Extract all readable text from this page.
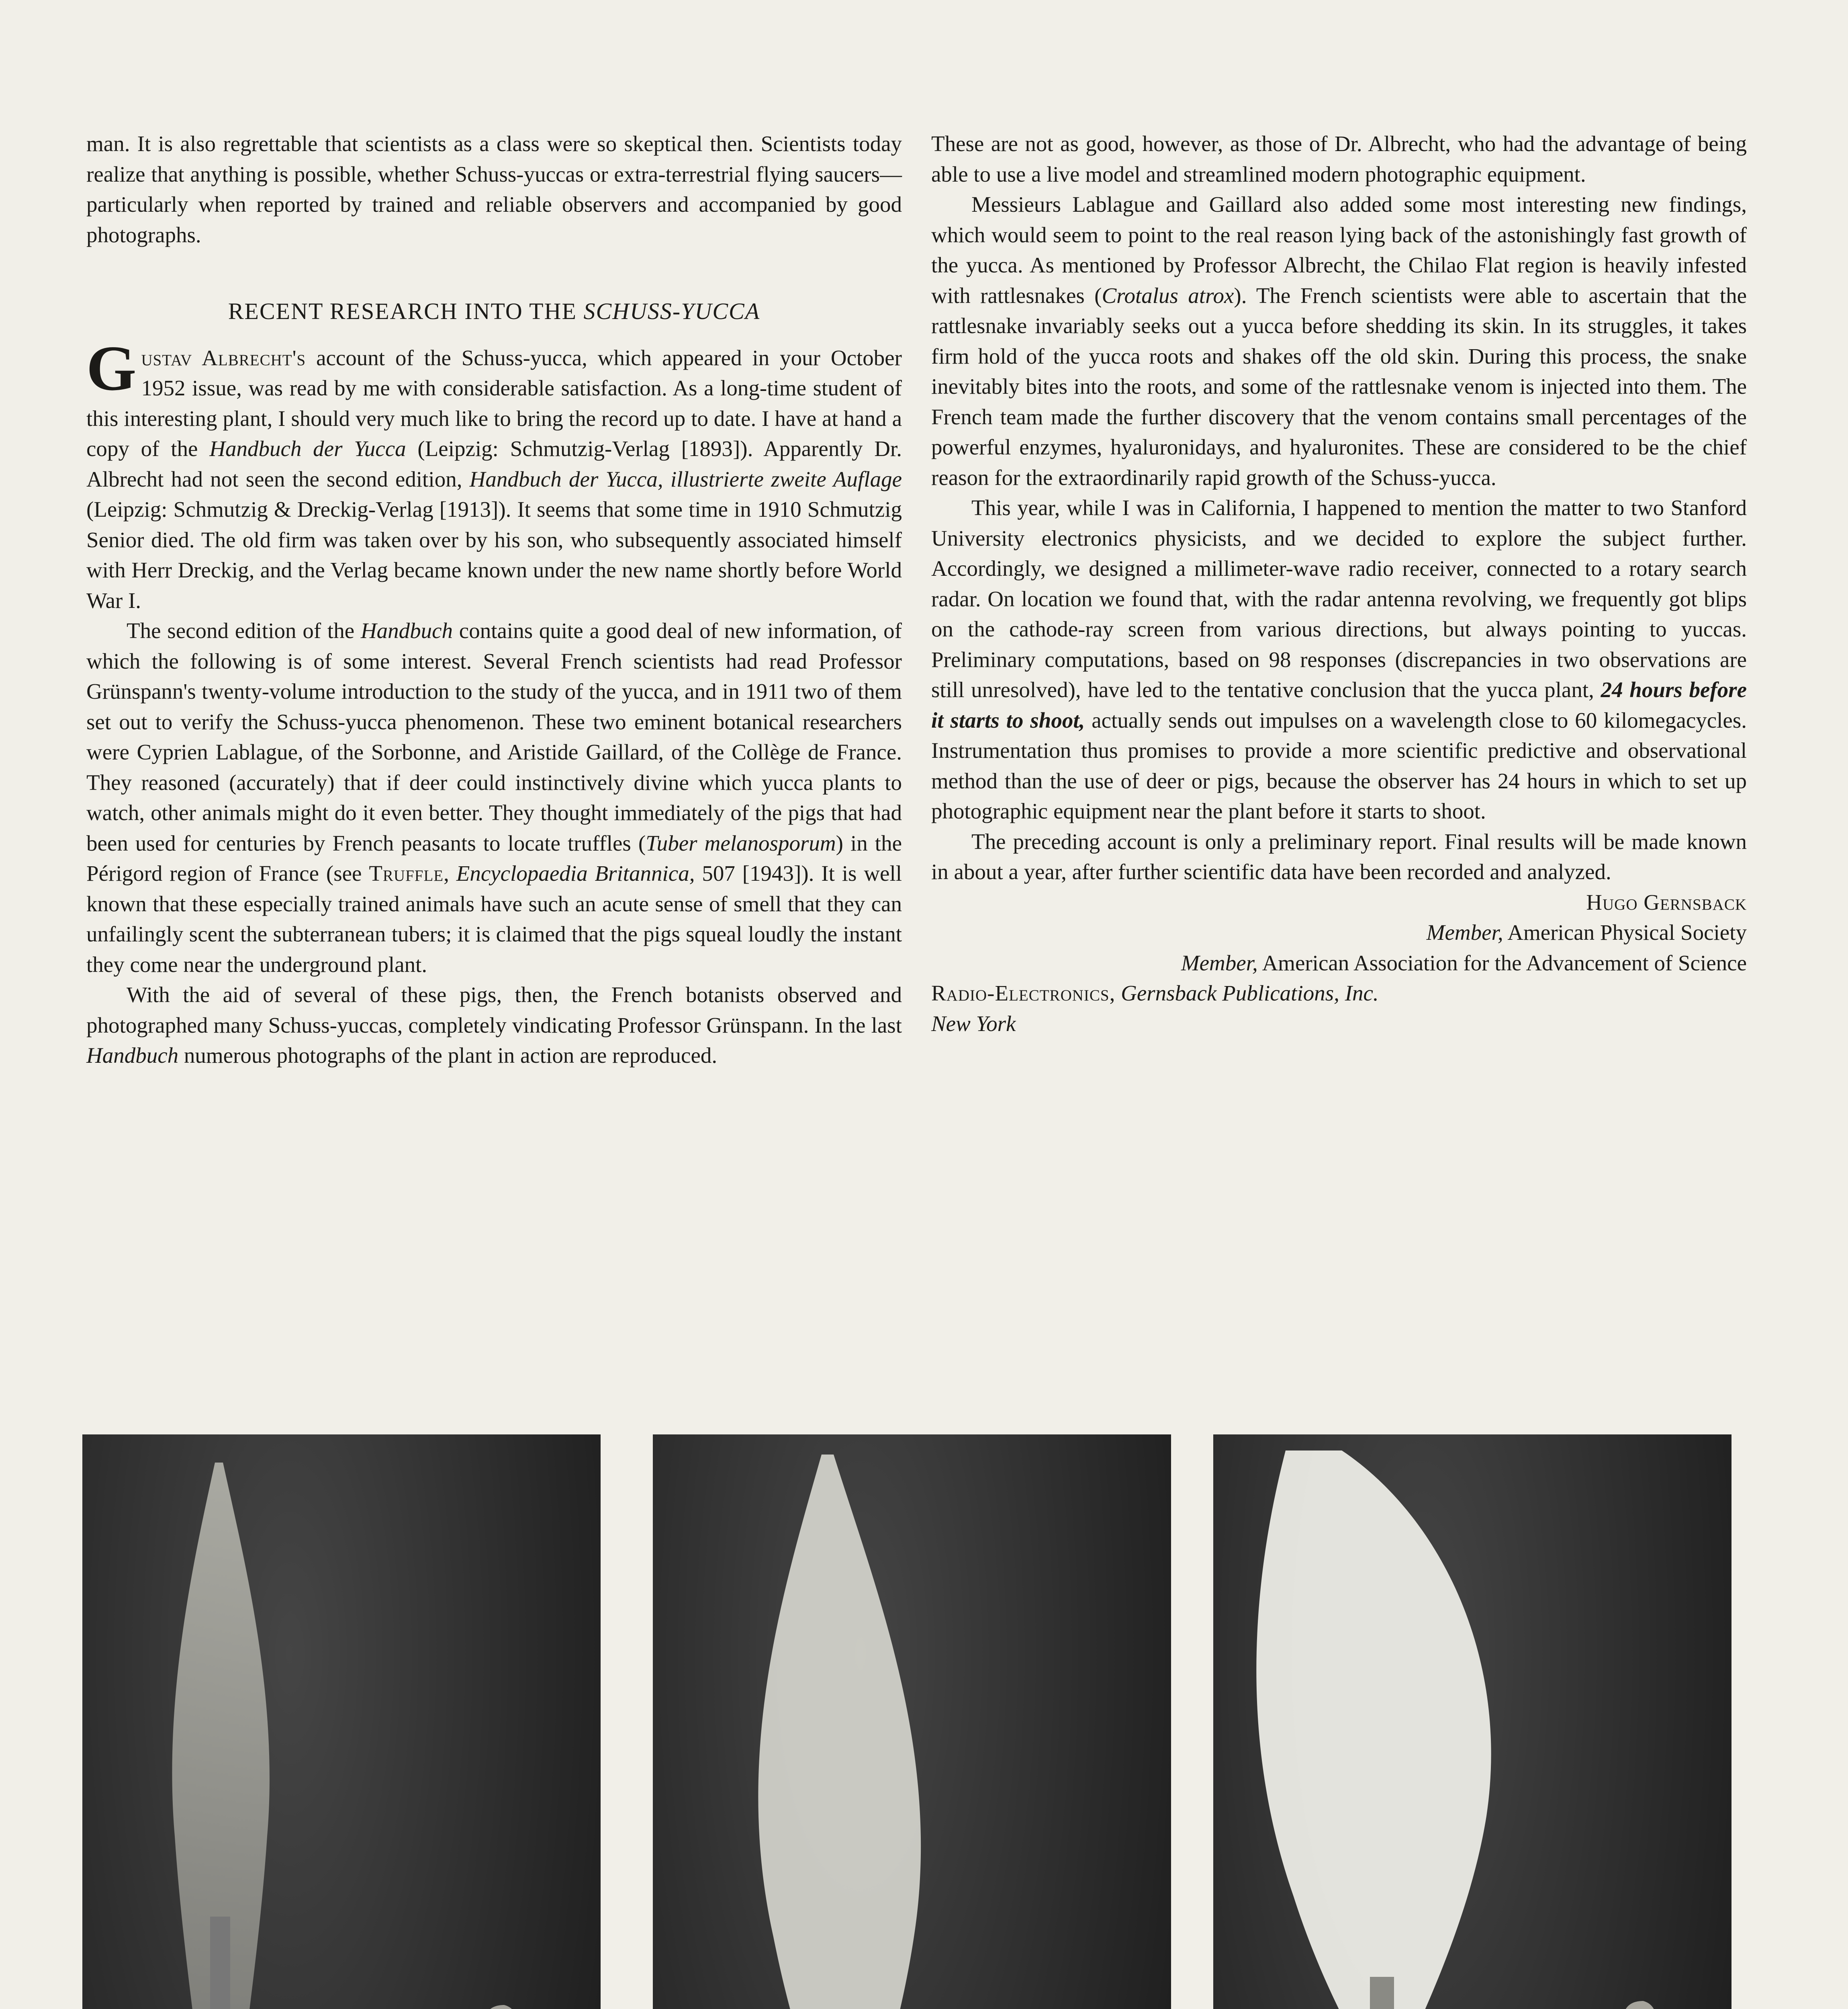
man. It is also regrettable that scientists as a class were so skeptical then. Scientists today realize that anything is possible, whether Schuss-yuccas or extra-terrestrial flying saucers—particularly when reported by trained and reliable observers and accompanied by good photographs.

RECENT RESEARCH INTO THE SCHUSS-YUCCA

Gustav Albrecht's account of the Schuss-yucca, which appeared in your October 1952 issue, was read by me with considerable satisfaction. As a long-time student of this interesting plant, I should very much like to bring the record up to date. I have at hand a copy of the Handbuch der Yucca (Leipzig: Schmutzig-Verlag [1893]). Apparently Dr. Albrecht had not seen the second edition, Handbuch der Yucca, illustrierte zweite Auflage (Leipzig: Schmutzig & Dreckig-Verlag [1913]). It seems that some time in 1910 Schmutzig Senior died. The old firm was taken over by his son, who subsequently associated himself with Herr Dreckig, and the Verlag became known under the new name shortly before World War I.

The second edition of the Handbuch contains quite a good deal of new information, of which the following is of some interest. Several French scientists had read Professor Grünspann's twenty-volume introduction to the study of the yucca, and in 1911 two of them set out to verify the Schuss-yucca phenomenon. These two eminent botanical researchers were Cyprien Lablague, of the Sorbonne, and Aristide Gaillard, of the Collège de France. They reasoned (accurately) that if deer could instinctively divine which yucca plants to watch, other animals might do it even better. They thought immediately of the pigs that had been used for centuries by French peasants to locate truffles (Tuber melanosporum) in the Périgord region of France (see Truffle, Encyclopaedia Britannica, 507 [1943]). It is well known that these especially trained animals have such an acute sense of smell that they can unfailingly scent the subterranean tubers; it is claimed that the pigs squeal loudly the instant they come near the underground plant.

With the aid of several of these pigs, then, the French botanists observed and photographed many Schuss-yuccas, completely vindicating Professor Grünspann. In the last Handbuch numerous photographs of the plant in action are reproduced.

These are not as good, however, as those of Dr. Albrecht, who had the advantage of being able to use a live model and streamlined modern photographic equipment.

Messieurs Lablague and Gaillard also added some most interesting new findings, which would seem to point to the real reason lying back of the astonishingly fast growth of the yucca. As mentioned by Professor Albrecht, the Chilao Flat region is heavily infested with rattlesnakes (Crotalus atrox). The French scientists were able to ascertain that the rattlesnake invariably seeks out a yucca before shedding its skin. In its struggles, it takes firm hold of the yucca roots and shakes off the old skin. During this process, the snake inevitably bites into the roots, and some of the rattlesnake venom is injected into them. The French team made the further discovery that the venom contains small percentages of the powerful enzymes, hyaluronidays, and hyaluronites. These are considered to be the chief reason for the extraordinarily rapid growth of the Schuss-yucca.

This year, while I was in California, I happened to mention the matter to two Stanford University electronics physicists, and we decided to explore the subject further. Accordingly, we designed a millimeter-wave radio receiver, connected to a rotary search radar. On location we found that, with the radar antenna revolving, we frequently got blips on the cathode-ray screen from various directions, but always pointing to yuccas. Preliminary computations, based on 98 responses (discrepancies in two observations are still unresolved), have led to the tentative conclusion that the yucca plant, 24 hours before it starts to shoot, actually sends out impulses on a wavelength close to 60 kilomegacycles. Instrumentation thus promises to provide a more scientific predictive and observational method than the use of deer or pigs, because the observer has 24 hours in which to set up photographic equipment near the plant before it starts to shoot.

The preceding account is only a preliminary report. Final results will be made known in about a year, after further scientific data have been recorded and analyzed.

Hugo Gernsback

Member, American Physical Society

Member, American Association for the Advancement of Science

Radio-Electronics, Gernsback Publications, Inc.

New York
